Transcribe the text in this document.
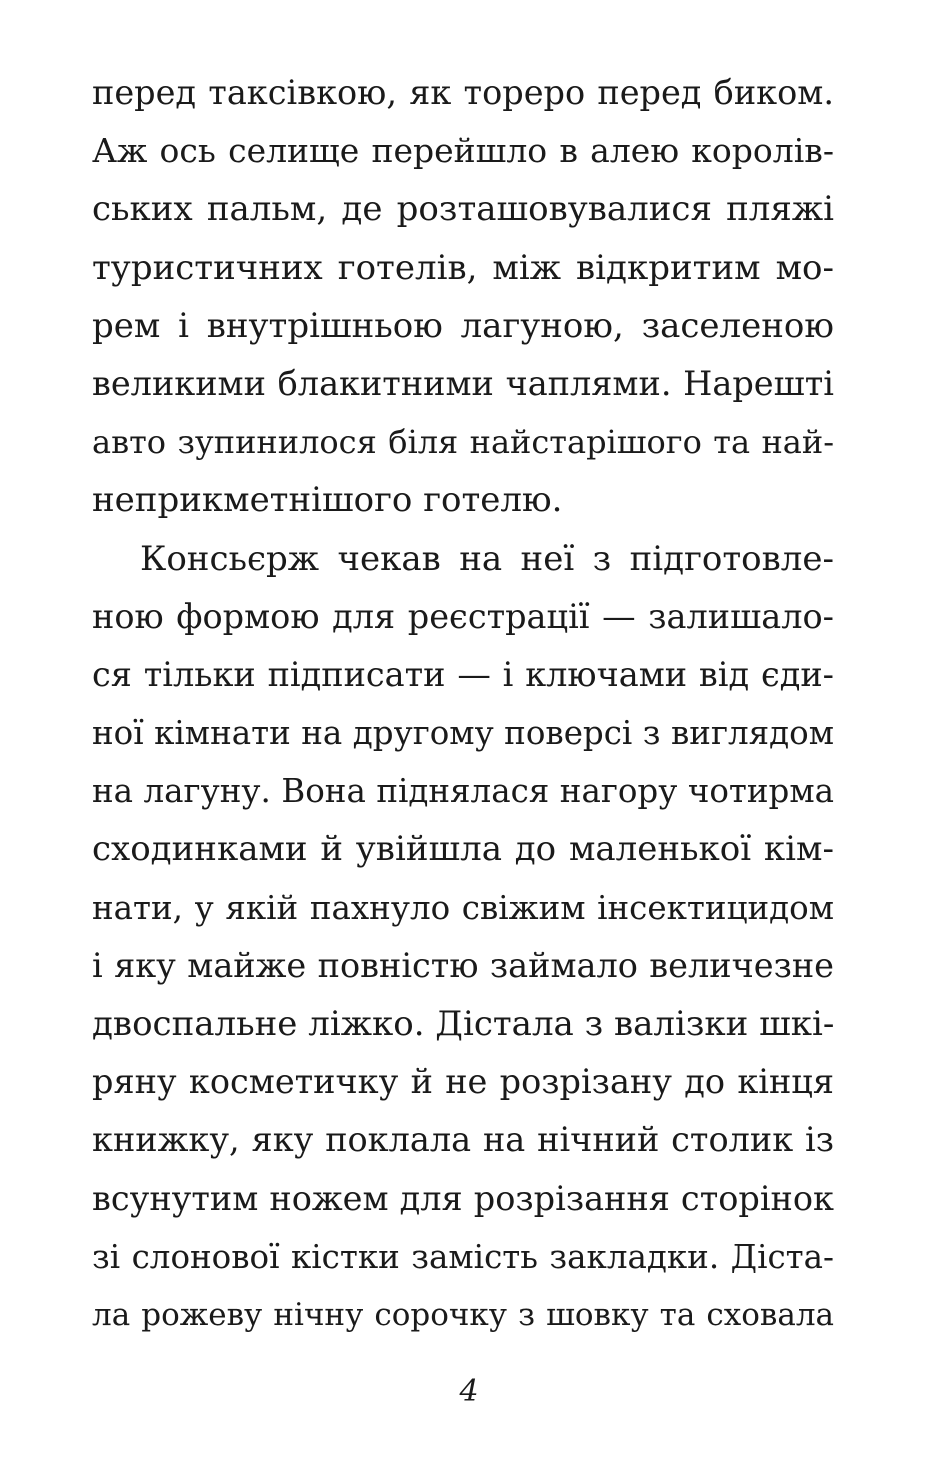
перед таксівкою, як тореро перед биком.
Аж ось селище перейшло в алею королів-
ських пальм, де розташовувалися пляжі
туристичних готелів, між відкритим мо-
рем і внутрішньою лагуною, заселеною
великими блакитними чаплями. Нарешті
авто зупинилося біля найстарішого та най-
неприкметнішого готелю.
Консьєрж чекав на неї з підготовле-
ною формою для реєстрації — залишало-
ся тільки підписати — і ключами від єди-
ної кімнати на другому поверсі з виглядом
на лагуну. Вона піднялася нагору чотирма
сходинками й увійшла до маленької кім-
нати, у якій пахнуло свіжим інсектицидом
і яку майже повністю займало величезне
двоспальне ліжко. Дістала з валізки шкі-
ряну косметичку й не розрізану до кінця
книжку, яку поклала на нічний столик із
всунутим ножем для розрізання сторінок
зі слонової кістки замість закладки. Діста-
ла рожеву нічну сорочку з шовку та сховала
4
